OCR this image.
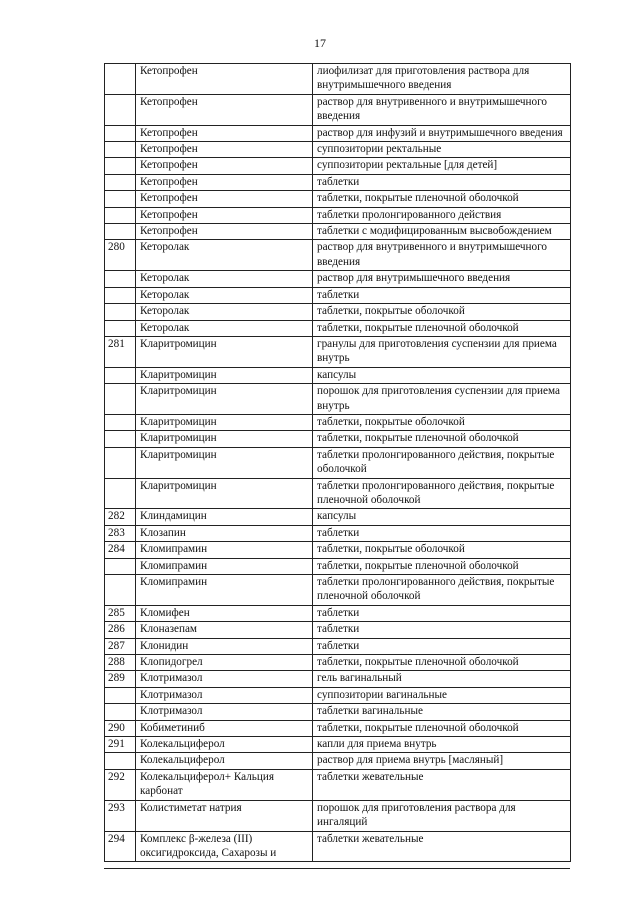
17
	Кетопрофен	лиофилизат для приготовления раствора для внутримышечного введения
	Кетопрофен	раствор для внутривенного и внутримышечного введения
	Кетопрофен	раствор для инфузий и внутримышечного введения
	Кетопрофен	суппозитории ректальные
	Кетопрофен	суппозитории ректальные [для детей]
	Кетопрофен	таблетки
	Кетопрофен	таблетки, покрытые пленочной оболочкой
	Кетопрофен	таблетки пролонгированного действия
	Кетопрофен	таблетки с модифицированным высвобождением
280	Кеторолак	раствор для внутривенного и внутримышечного введения
	Кеторолак	раствор для внутримышечного введения
	Кеторолак	таблетки
	Кеторолак	таблетки, покрытые оболочкой
	Кеторолак	таблетки, покрытые пленочной оболочкой
281	Кларитромицин	гранулы для приготовления суспензии для приема внутрь
	Кларитромицин	капсулы
	Кларитромицин	порошок для приготовления суспензии для приема внутрь
	Кларитромицин	таблетки, покрытые оболочкой
	Кларитромицин	таблетки, покрытые пленочной оболочкой
	Кларитромицин	таблетки пролонгированного действия, покрытые оболочкой
	Кларитромицин	таблетки пролонгированного действия, покрытые пленочной оболочкой
282	Клиндамицин	капсулы
283	Клозапин	таблетки
284	Кломипрамин	таблетки, покрытые оболочкой
	Кломипрамин	таблетки, покрытые пленочной оболочкой
	Кломипрамин	таблетки пролонгированного действия, покрытые пленочной оболочкой
285	Кломифен	таблетки
286	Клоназепам	таблетки
287	Клонидин	таблетки
288	Клопидогрел	таблетки, покрытые пленочной оболочкой
289	Клотримазол	гель вагинальный
	Клотримазол	суппозитории вагинальные
	Клотримазол	таблетки вагинальные
290	Кобиметиниб	таблетки, покрытые пленочной оболочкой
291	Колекальциферол	капли для приема внутрь
	Колекальциферол	раствор для приема внутрь [масляный]
292	Колекальциферол+ Кальция карбонат	таблетки жевательные
293	Колистиметат натрия	порошок для приготовления раствора для ингаляций
294	Комплекс β-железа (III) оксигидроксида, Сахарозы и	таблетки жевательные
